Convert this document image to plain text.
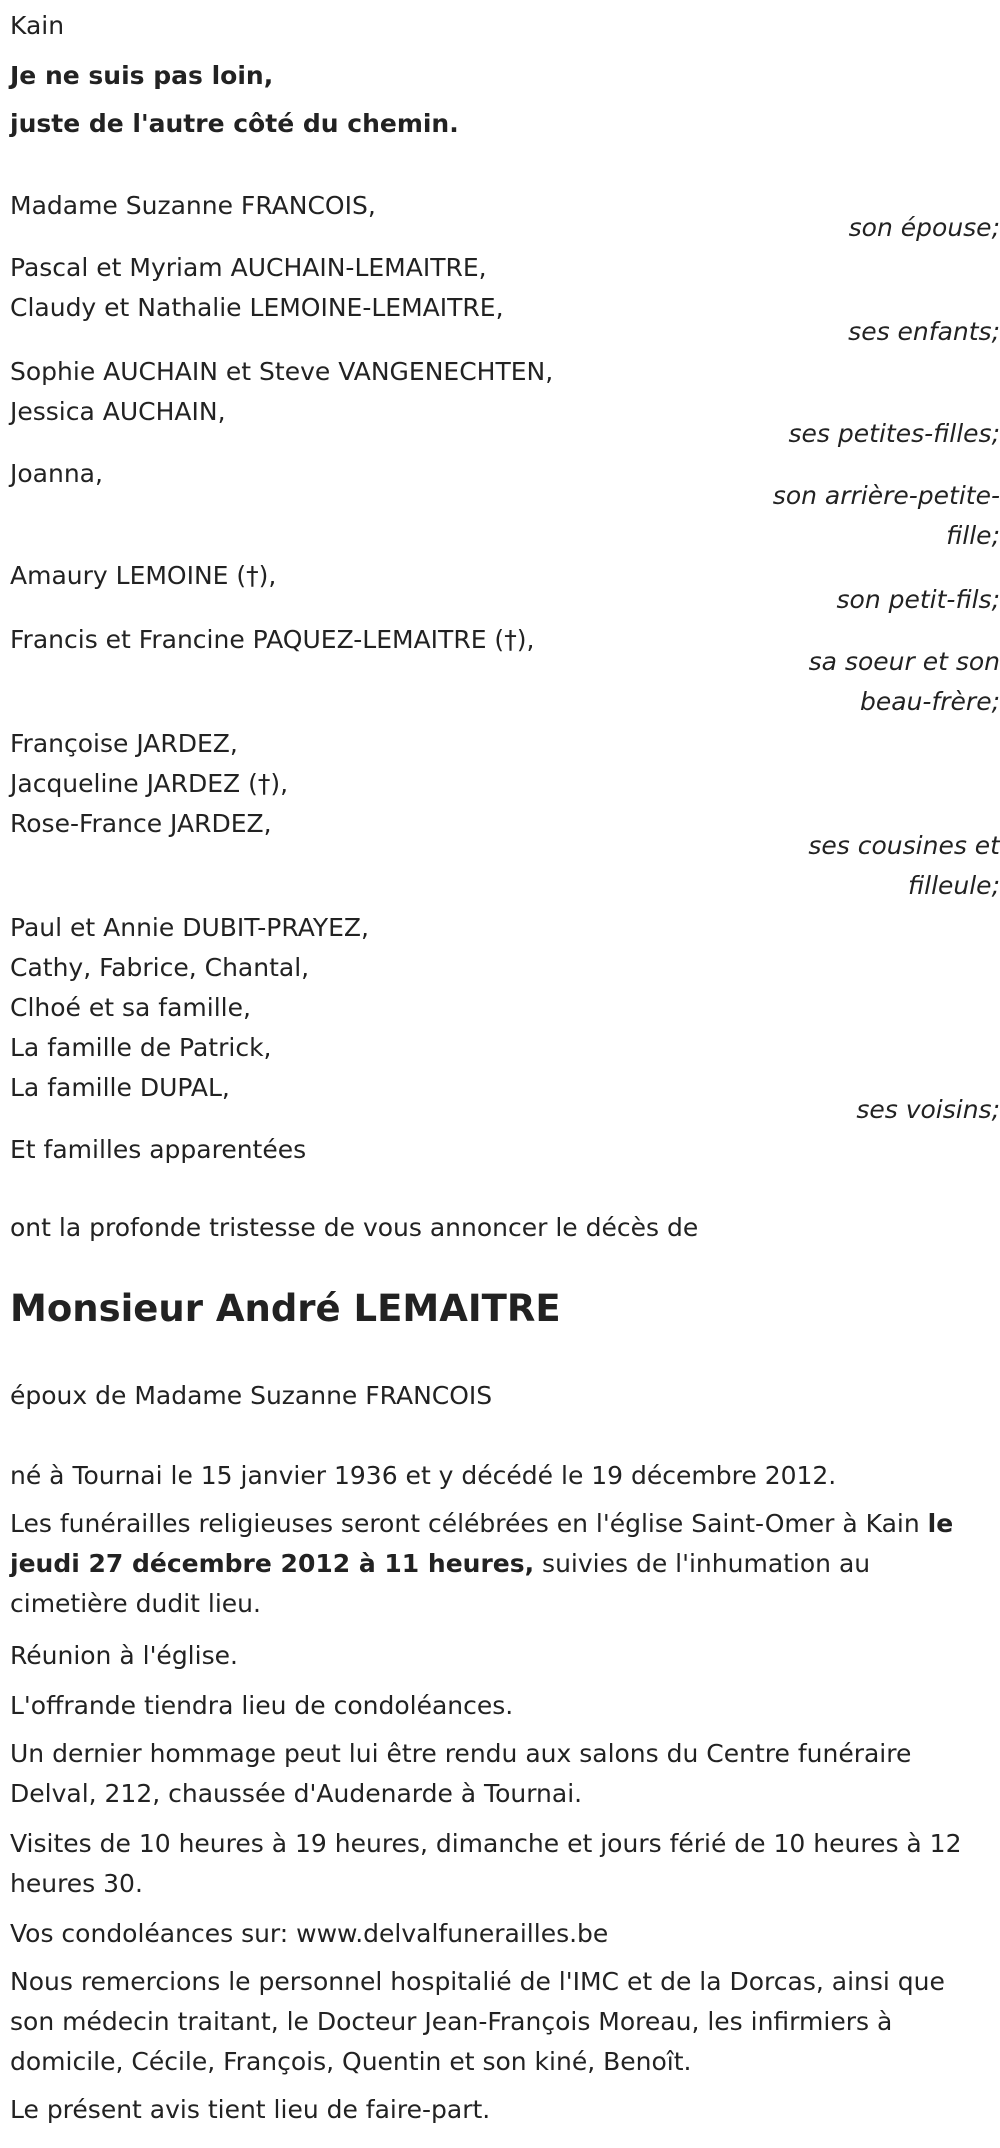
Kain
Je ne suis pas loin,
juste de l'autre côté du chemin.
Madame Suzanne FRANCOIS,
son épouse;
Pascal et Myriam AUCHAIN-LEMAITRE,
Claudy et Nathalie LEMOINE-LEMAITRE,
ses enfants;
Sophie AUCHAIN et Steve VANGENECHTEN,
Jessica AUCHAIN,
ses petites-filles;
Joanna,
son arrière-petite-fille;
Amaury LEMOINE (†),
son petit-fils;
Francis et Francine PAQUEZ-LEMAITRE (†),
sa soeur et son beau-frère;
Françoise JARDEZ,
Jacqueline JARDEZ (†),
Rose-France JARDEZ,
ses cousines et filleule;
Paul et Annie DUBIT-PRAYEZ,
Cathy, Fabrice, Chantal,
Clhoé et sa famille,
La famille de Patrick,
La famille DUPAL,
ses voisins;
Et familles apparentées
ont la profonde tristesse de vous annoncer le décès de
Monsieur André LEMAITRE
époux de Madame Suzanne FRANCOIS
né à Tournai le 15 janvier 1936 et y décédé le 19 décembre 2012.
Les funérailles religieuses seront célébrées en l'église Saint-Omer à Kain le jeudi 27 décembre 2012 à 11 heures, suivies de l'inhumation au cimetière dudit lieu.
Réunion à l'église.
L'offrande tiendra lieu de condoléances.
Un dernier hommage peut lui être rendu aux salons du Centre funéraire Delval, 212, chaussée d'Audenarde à Tournai.
Visites de 10 heures à 19 heures, dimanche et jours férié de 10 heures à 12 heures 30.
Vos condoléances sur: www.delvalfunerailles.be
Nous remercions le personnel hospitalié de l'IMC et de la Dorcas, ainsi que son médecin traitant, le Docteur Jean-François Moreau, les infirmiers à domicile, Cécile, François, Quentin et son kiné, Benoît.
Le présent avis tient lieu de faire-part.
